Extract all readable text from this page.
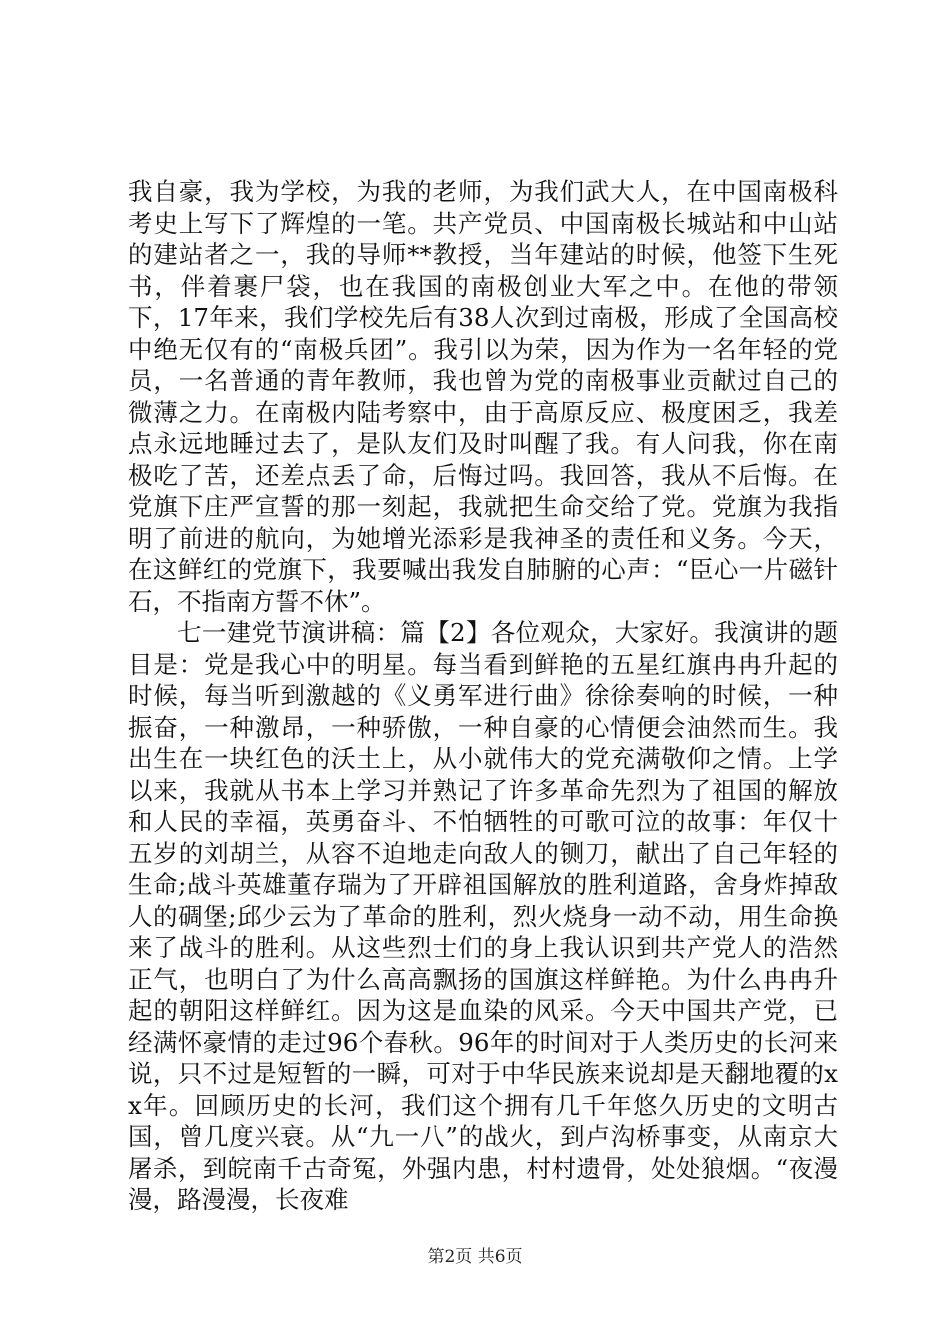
我自豪，我为学校，为我的老师，为我们武大人，在中国南极科考史上写下了辉煌的一笔。共产党员、中国南极长城站和中山站的建站者之一，我的导师**教授，当年建站的时候，他签下生死书，伴着裹尸袋，也在我国的南极创业大军之中。在他的带领下，17年来，我们学校先后有38人次到过南极，形成了全国高校中绝无仅有的“南极兵团”。我引以为荣，因为作为一名年轻的党员，一名普通的青年教师，我也曾为党的南极事业贡献过自己的微薄之力。在南极内陆考察中，由于高原反应、极度困乏，我差点永远地睡过去了，是队友们及时叫醒了我。有人问我，你在南极吃了苦，还差点丢了命，后悔过吗。我回答，我从不后悔。在党旗下庄严宣誓的那一刻起，我就把生命交给了党。党旗为我指明了前进的航向，为她增光添彩是我神圣的责任和义务。今天，在这鲜红的党旗下，我要喊出我发自肺腑的心声：“臣心一片磁针石，不指南方誓不休”。

七一建党节演讲稿：篇【2】各位观众，大家好。我演讲的题目是：党是我心中的明星。每当看到鲜艳的五星红旗冉冉升起的时候，每当听到激越的《义勇军进行曲》徐徐奏响的时候，一种振奋，一种激昂，一种骄傲，一种自豪的心情便会油然而生。我出生在一块红色的沃土上，从小就伟大的党充满敬仰之情。上学以来，我就从书本上学习并熟记了许多革命先烈为了祖国的解放和人民的幸福，英勇奋斗、不怕牺牲的可歌可泣的故事：年仅十五岁的刘胡兰，从容不迫地走向敌人的铡刀，献出了自己年轻的生命;战斗英雄董存瑞为了开辟祖国解放的胜利道路，舍身炸掉敌人的碉堡;邱少云为了革命的胜利，烈火烧身一动不动，用生命换来了战斗的胜利。从这些烈士们的身上我认识到共产党人的浩然正气，也明白了为什么高高飘扬的国旗这样鲜艳。为什么冉冉升起的朝阳这样鲜红。因为这是血染的风采。今天中国共产党，已经满怀豪情的走过96个春秋。96年的时间对于人类历史的长河来说，只不过是短暂的一瞬，可对于中华民族来说却是天翻地覆的xx年。回顾历史的长河，我们这个拥有几千年悠久历史的文明古国，曾几度兴衰。从“九一八”的战火，到卢沟桥事变，从南京大屠杀，到皖南千古奇冤，外强内患，村村遗骨，处处狼烟。“夜漫漫，路漫漫，长夜难

第2页 共6页
